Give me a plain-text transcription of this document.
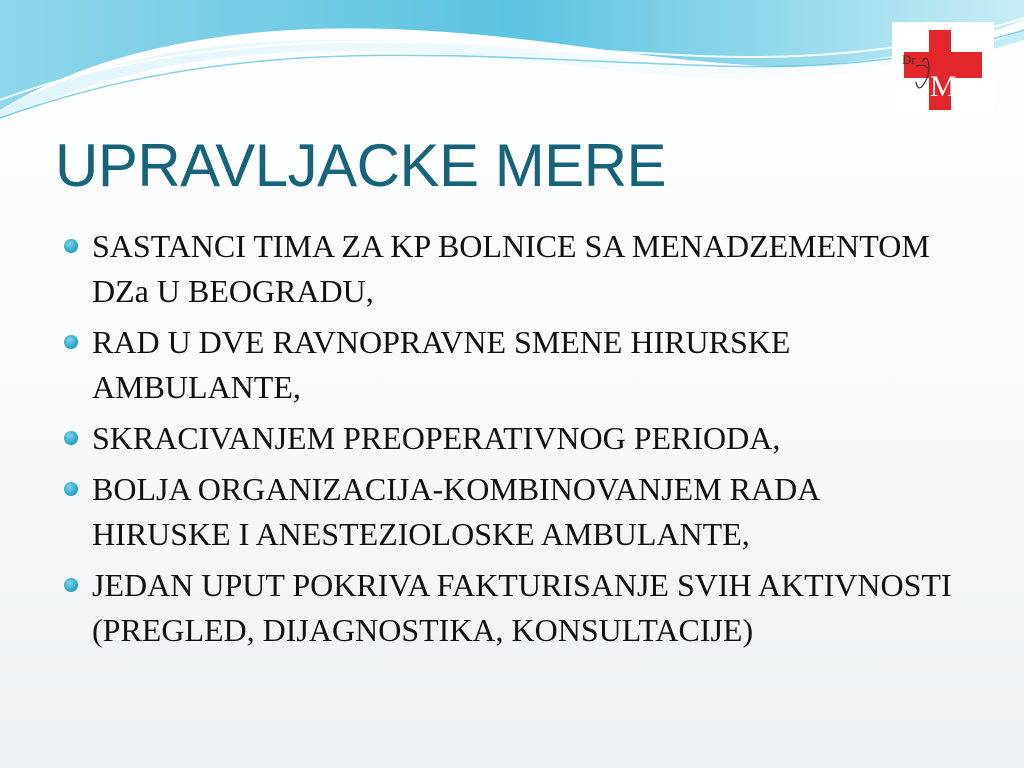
Dr
M
UPRAVLJACKE MERE
SASTANCI TIMA ZA KP BOLNICE SA MENADZEMENTOM DZa U BEOGRADU,
RAD U DVE RAVNOPRAVNE SMENE HIRURSKE AMBULANTE,
SKRACIVANJEM PREOPERATIVNOG PERIODA,
BOLJA ORGANIZACIJA-KOMBINOVANJEM RADA HIRUSKE I ANESTEZIOLOSKE AMBULANTE,
JEDAN UPUT POKRIVA FAKTURISANJE SVIH AKTIVNOSTI (PREGLED, DIJAGNOSTIKA, KONSULTACIJE)
